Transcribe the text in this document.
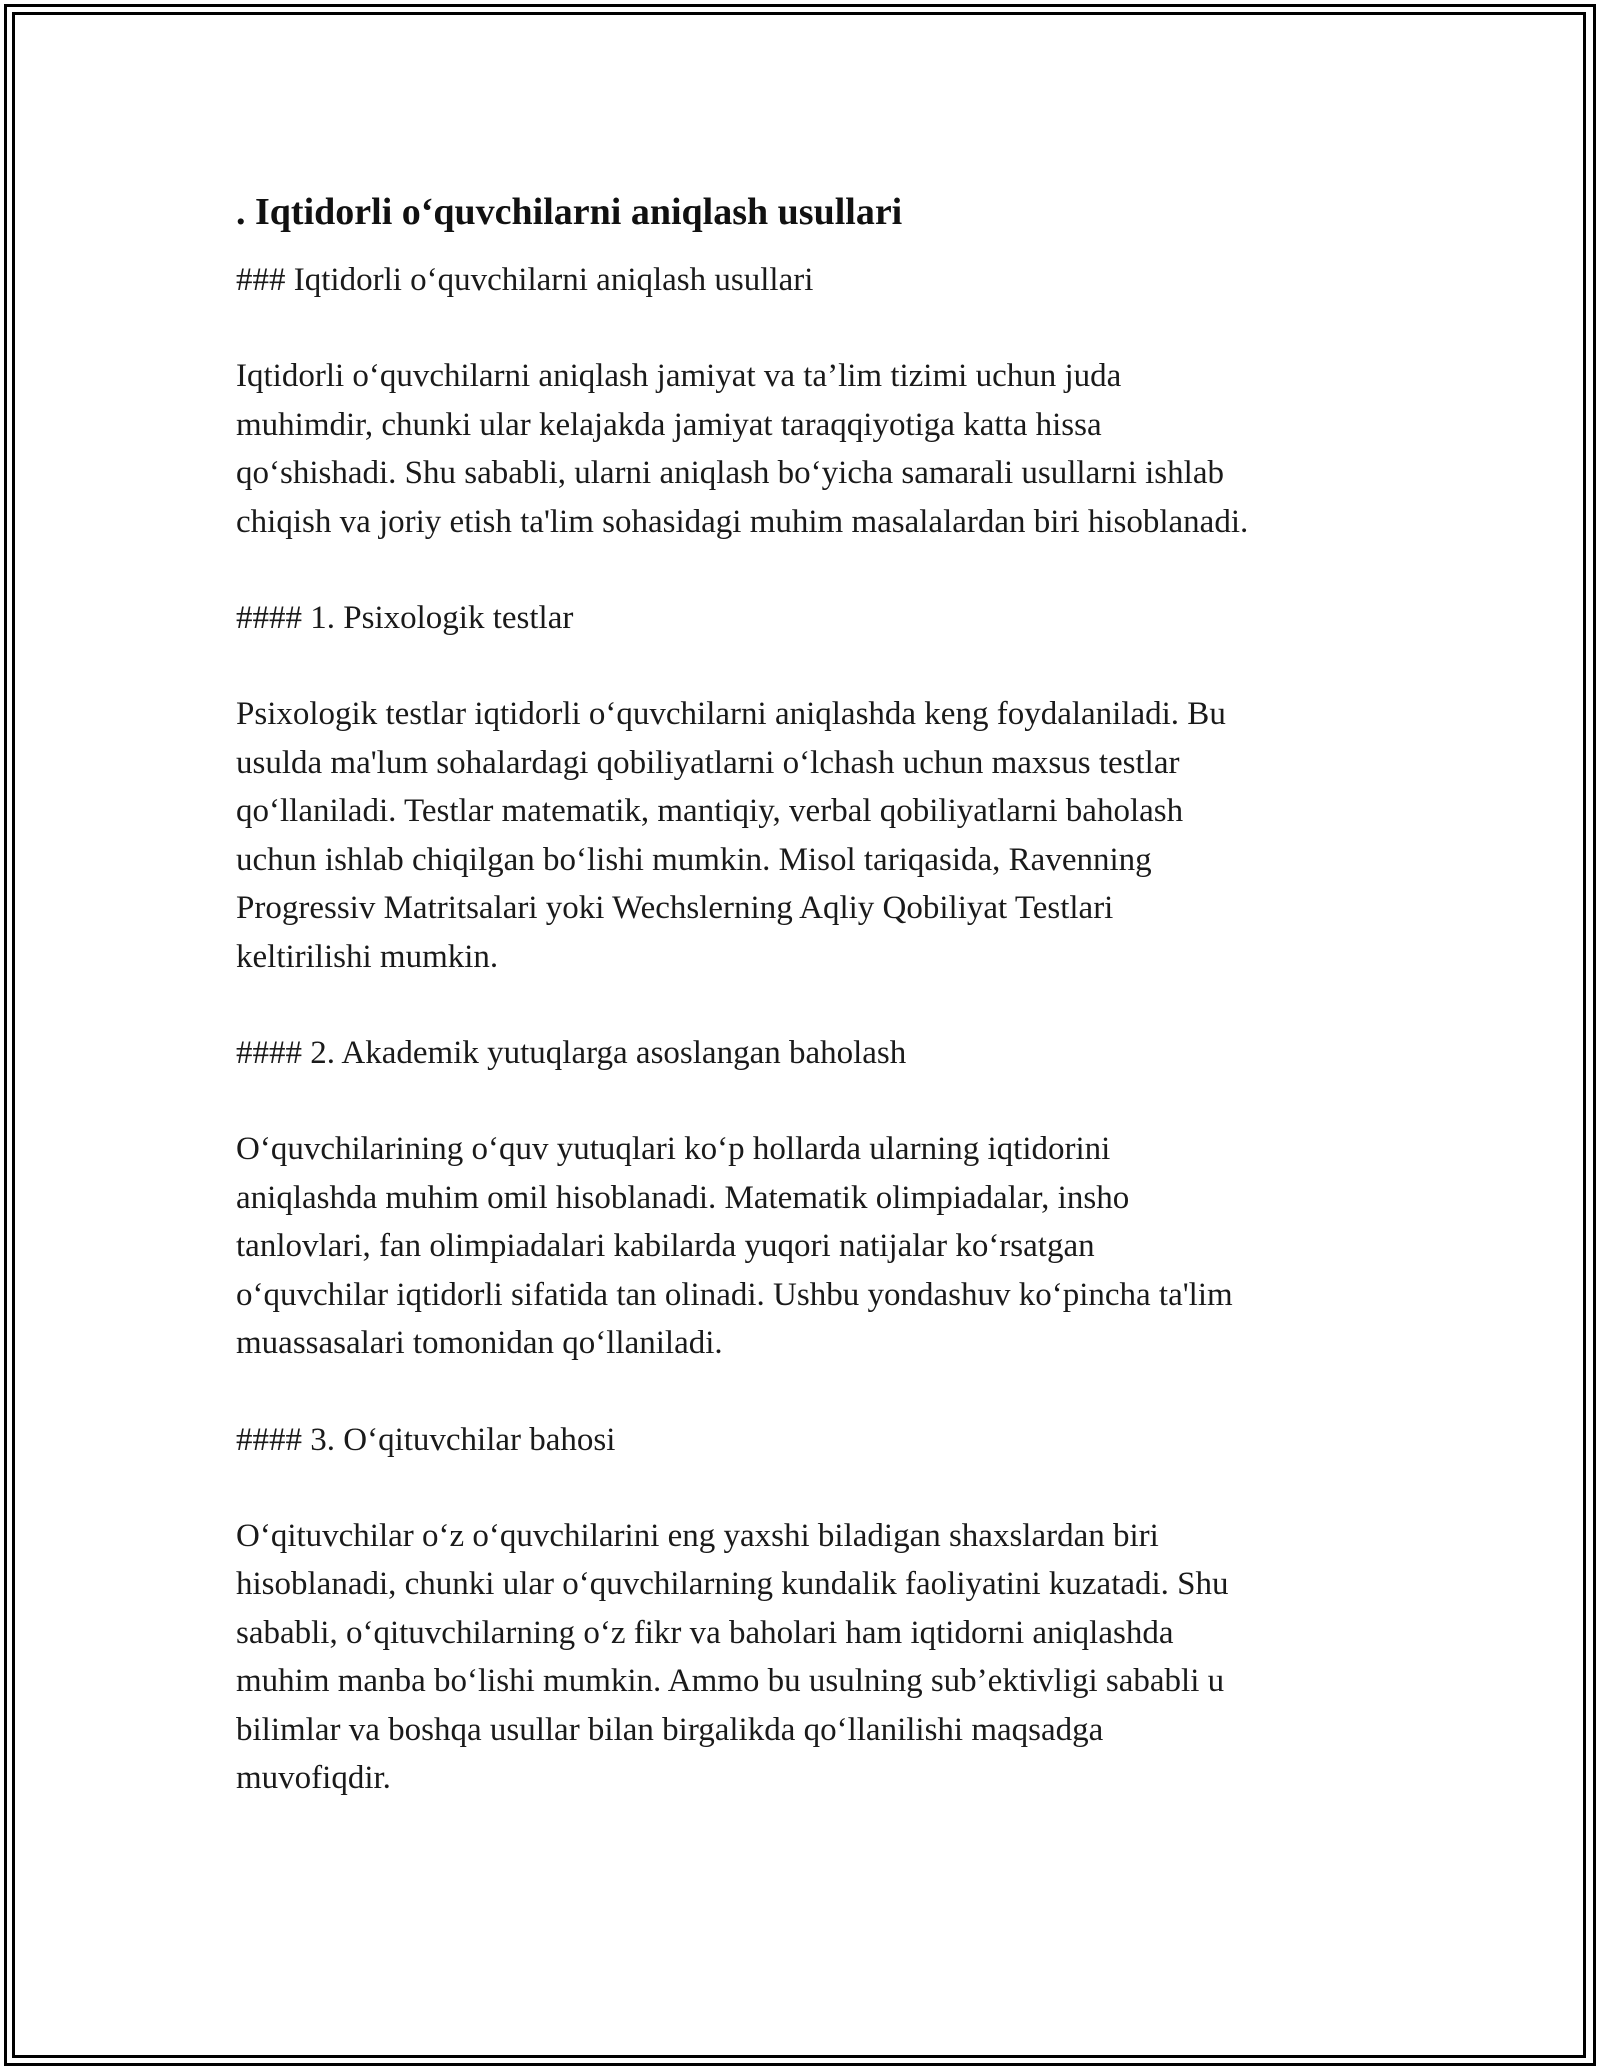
. Iqtidorli o‘quvchilarni aniqlash usullari

### Iqtidorli o‘quvchilarni aniqlash usullari

Iqtidorli o‘quvchilarni aniqlash jamiyat va ta’lim tizimi uchun juda
muhimdir, chunki ular kelajakda jamiyat taraqqiyotiga katta hissa
qo‘shishadi. Shu sababli, ularni aniqlash bo‘yicha samarali usullarni ishlab
chiqish va joriy etish ta'lim sohasidagi muhim masalalardan biri hisoblanadi.

#### 1. Psixologik testlar

Psixologik testlar iqtidorli o‘quvchilarni aniqlashda keng foydalaniladi. Bu
usulda ma'lum sohalardagi qobiliyatlarni o‘lchash uchun maxsus testlar
qo‘llaniladi. Testlar matematik, mantiqiy, verbal qobiliyatlarni baholash
uchun ishlab chiqilgan bo‘lishi mumkin. Misol tariqasida, Ravenning
Progressiv Matritsalari yoki Wechslerning Aqliy Qobiliyat Testlari
keltirilishi mumkin.

#### 2. Akademik yutuqlarga asoslangan baholash

O‘quvchilarining o‘quv yutuqlari ko‘p hollarda ularning iqtidorini
aniqlashda muhim omil hisoblanadi. Matematik olimpiadalar, insho
tanlovlari, fan olimpiadalari kabilarda yuqori natijalar ko‘rsatgan
o‘quvchilar iqtidorli sifatida tan olinadi. Ushbu yondashuv ko‘pincha ta'lim
muassasalari tomonidan qo‘llaniladi.

#### 3. O‘qituvchilar bahosi

O‘qituvchilar o‘z o‘quvchilarini eng yaxshi biladigan shaxslardan biri
hisoblanadi, chunki ular o‘quvchilarning kundalik faoliyatini kuzatadi. Shu
sababli, o‘qituvchilarning o‘z fikr va baholari ham iqtidorni aniqlashda
muhim manba bo‘lishi mumkin. Ammo bu usulning sub’ektivligi sababli u
bilimlar va boshqa usullar bilan birgalikda qo‘llanilishi maqsadga
muvofiqdir.
